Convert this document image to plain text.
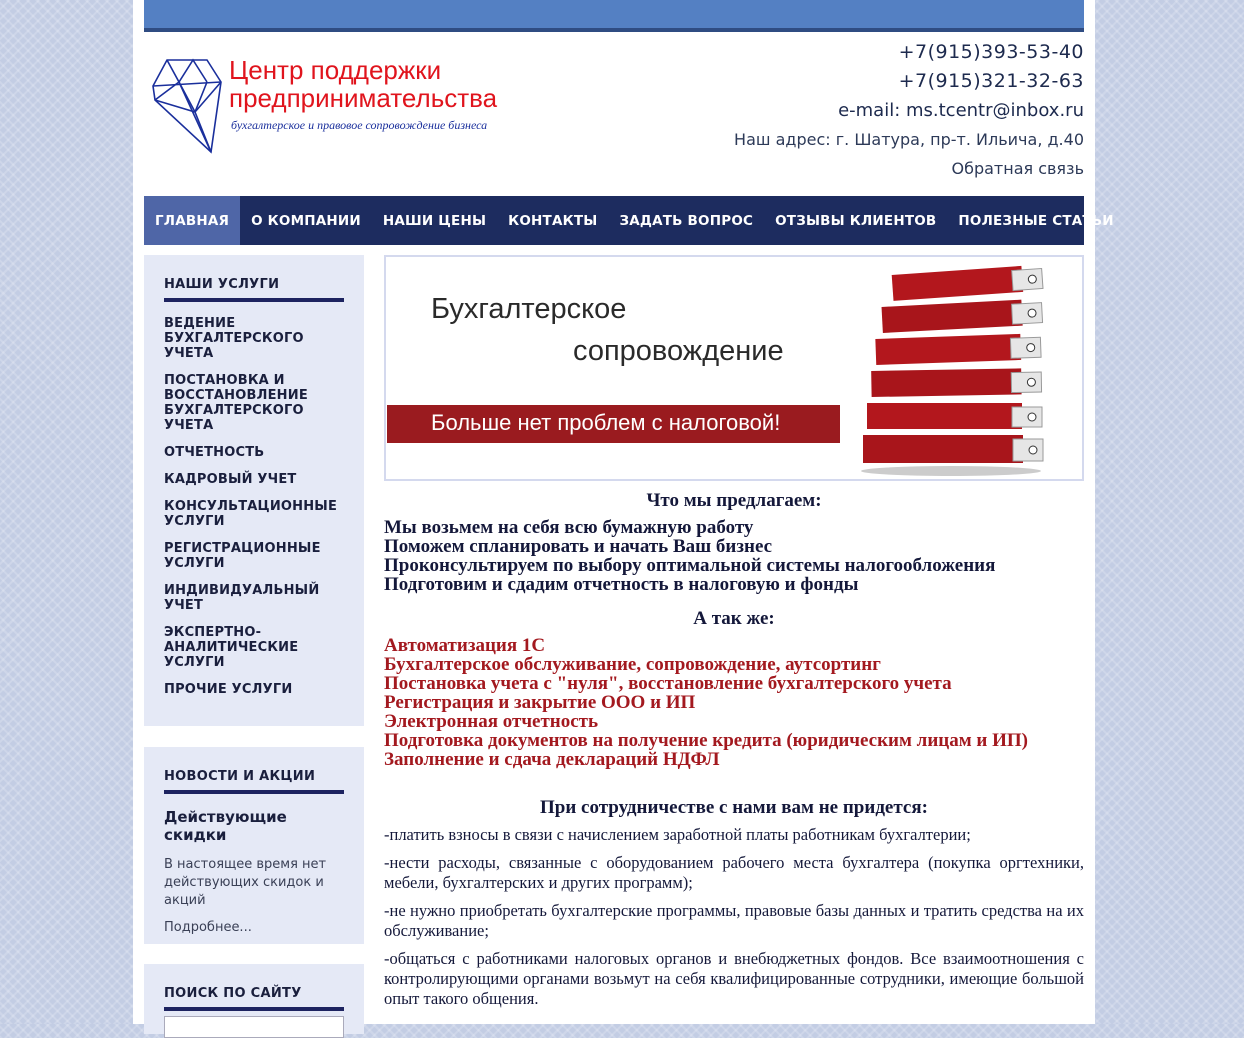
Центр поддержки
предпринимательства
бухгалтерское и правовое сопровождение бизнеса
+7(915)393-53-40
+7(915)321-32-63
e-mail: ms.tcentr@inbox.ru
Наш адрес: г. Шатура, пр-т. Ильича, д.40
Обратная связь
ГЛАВНАЯ	О КОМПАНИИ	НАШИ ЦЕНЫ	КОНТАКТЫ	ЗАДАТЬ ВОПРОС	ОТЗЫВЫ КЛИЕНТОВ	ПОЛЕЗНЫЕ СТАТЬИ
НАШИ УСЛУГИ
ВЕДЕНИЕ БУХГАЛТЕРСКОГО УЧЕТА
ПОСТАНОВКА И ВОССТАНОВЛЕНИЕ БУХГАЛТЕРСКОГО УЧЕТА
ОТЧЕТНОСТЬ
КАДРОВЫЙ УЧЕТ
КОНСУЛЬТАЦИОННЫЕ УСЛУГИ
РЕГИСТРАЦИОННЫЕ УСЛУГИ
ИНДИВИДУАЛЬНЫЙ УЧЕТ
ЭКСПЕРТНО-АНАЛИТИЧЕСКИЕ УСЛУГИ
ПРОЧИЕ УСЛУГИ
НОВОСТИ И АКЦИИ
Действующие скидки
В настоящее время нет действующих скидок и акций
Подробнее...
ПОИСК ПО САЙТУ
Бухгалтерское
сопровождение
Больше нет проблем с налоговой!
Что мы предлагаем:
Мы возьмем на себя всю бумажную работу
Поможем спланировать и начать Ваш бизнес
Проконсультируем по выбору оптимальной системы налогообложения
Подготовим и сдадим отчетность в налоговую и фонды
А так же:
Автоматизация 1С
Бухгалтерское обслуживание, сопровождение, аутсортинг
Постановка учета с "нуля", восстановление бухгалтерского учета
Регистрация и закрытие ООО и ИП
Электронная отчетность
Подготовка документов на получение кредита (юридическим лицам и ИП)
Заполнение и сдача деклараций НДФЛ
При сотрудничестве с нами вам не придется:
-платить взносы в связи с начислением заработной платы работникам бухгалтерии;
-нести расходы, связанные с оборудованием рабочего места бухгалтера (покупка оргтехники, мебели, бухгалтерских и других программ);
-не нужно приобретать бухгалтерские программы, правовые базы данных и тратить средства на их обслуживание;
-общаться с работниками налоговых органов и внебюджетных фондов. Все взаимоотношения с контролирующими органами возьмут на себя квалифицированные сотрудники, имеющие большой опыт такого общения.
